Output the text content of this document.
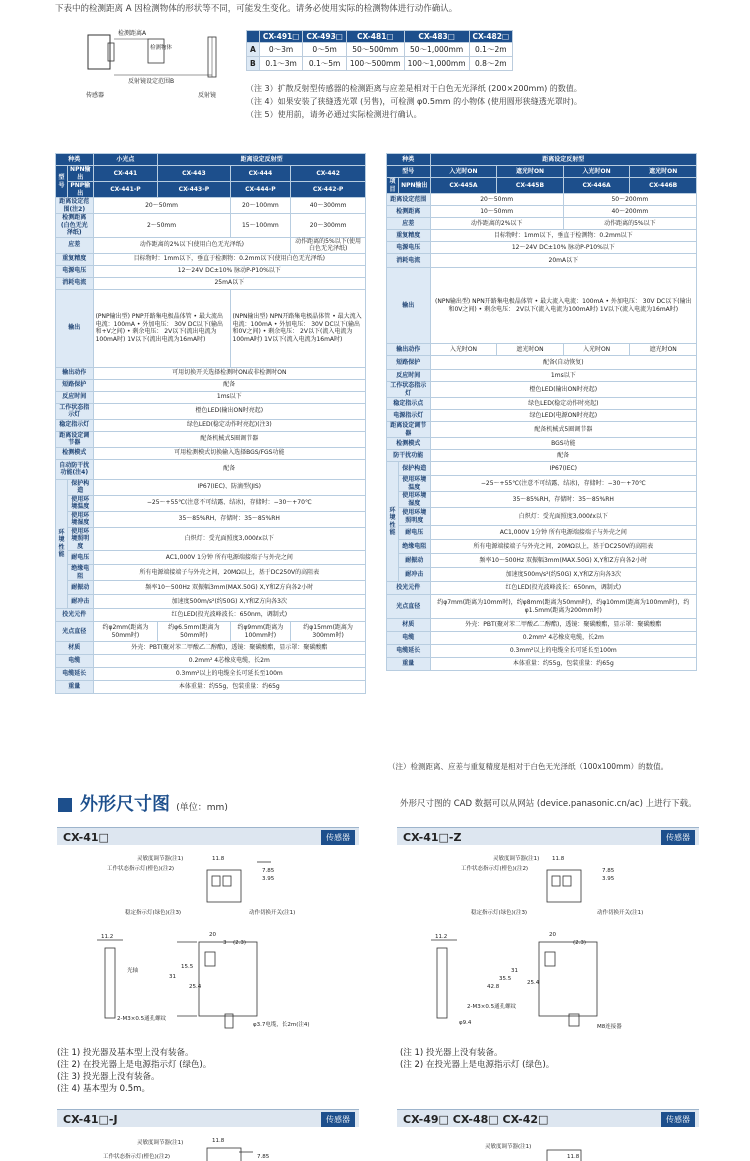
下表中的检测距离 A 因检测物体的形状等不同，可能发生变化。请务必使用实际的检测物体进行动作确认。
检测距离A
检测物体
反射镜设定范围B
传感器	反射镜
	CX-491□	CX-493□	CX-481□	CX-483□	CX-482□
A	0～3m	0～5m	50～500mm	50～1,000mm	0.1～2m
B	0.1～3m	0.1～5m	100～500mm	100～1,000mm	0.8～2m
（注 3）扩散反射型传感器的检测距离与应差是相对于白色无光泽纸 (200×200mm) 的数值。
（注 4）如果安装了狭缝透光罩 (另售)，可检测 φ0.5mm 的小物体 (使用圆形狭缝透光罩时)。
（注 5）使用前，请务必通过实际检测进行确认。
种类		小光点	距离设定反射型		
型号	NPN输出	CX-441	CX-443	CX-444	CX-442
	PNP输出	CX-441-P	CX-443-P	CX-444-P	CX-442-P
距离设定范围(注2)		20～50mm		20～100mm	40～300mm
检测距离(白色无光泽纸)		2～50mm		15～100mm	20～300mm
应差		动作距离的2%以下(使用白色无光泽纸)			动作距离的5%以下(使用白色无光泽纸)
重复精度		目标物时：1mm以下，垂直于检测物：0.2mm以下(使用白色无光泽纸)			
电源电压		12～24V DC±10% 脉动P-P10%以下			
消耗电流		25mA以下			
输出		(PNP输出型) PNP开路集电极晶体管 • 最大流出电流：100mA • 外加电压： 30V DC以下(输出和+V之间) • 剩余电压： 2V以下(流出电流为100mA时) 1V以下(流出电流为16mA时)		(NPN输出型) NPN开路集电极晶体管 • 最大流入电流：100mA • 外加电压： 30V DC以下(输出和0V之间) • 剩余电压： 2V以下(流入电流为100mA时) 1V以下(流入电流为16mA时)	
输出动作		可用切换开关选择检测时ON或非检测时ON			
短路保护		配备			
反应时间		1ms以下			
工作状态指示灯		橙色LED(输出ON时亮起)			
稳定指示灯		绿色LED(稳定动作时亮起)(注3)			
距离设定调节器		配备机械式5圈调节器			
检测模式		可用检测模式切换输入选择BGS/FGS功能			
自动防干扰功能(注4)		配备			
环境性能	保护构造	IP67(IEC)、防滴型(JIS)			
	使用环境温度	−25～+55℃(注意不可结露、结冰)，存储时：−30～+70℃			
	使用环境湿度	35～85%RH，存储时：35～85%RH			
	使用环境照明度	白炽灯：受光面照度3,000ℓx以下			
	耐电压	AC1,000V 1分钟 所有电源端接端子与外壳之间			
	绝缘电阻	所有电源端接端子与外壳之间，20MΩ以上，基于DC250V的高阻表			
	耐振动	频率10～500Hz 双振幅3mm(MAX.50G) X,Y和Z方向各2小时			
	耐冲击	加速度500m/s²(约50G) X,Y和Z方向各3次			
投光元件		红色LED(投光波峰波长：650nm，调制式)			
光点直径		约φ2mm(距离为50mm时)	约φ6.5mm(距离为50mm时)	约φ9mm(距离为100mm时)	约φ15mm(距离为300mm时)
材质		外壳：PBT(聚对苯二甲酸乙二醇酯)，透镜：聚碳酸酯，显示罩：聚碳酸酯			
电缆		0.2mm² 4芯橡皮电缆，长2m			
电缆延长		0.3mm²以上的电缆全长可延长至100m			
重量		本体重量：约55g，包装重量：约65g			
种类		距离设定反射型			
型号		入光时ON	遮光时ON	入光时ON	遮光时ON
项目	NPN输出	CX-445A	CX-445B	CX-446A	CX-446B
距离设定范围		20～50mm		50～200mm	
检测距离		10～50mm		40～200mm	
应差		动作距离的2%以下		动作距离的5%以下	
重复精度		目标物时：1mm以下，垂直于检测物：0.2mm以下			
电源电压		12～24V DC±10% 脉动P-P10%以下			
消耗电流		20mA以下			
输出		(NPN输出型) NPN开路集电极晶体管 • 最大流入电流：100mA • 外加电压： 30V DC以下(输出和0V之间) • 剩余电压： 2V以下(流入电流为100mA时) 1V以下(流入电流为16mA时)			
输出动作		入光时ON	遮光时ON	入光时ON	遮光时ON
短路保护		配备(自动恢复)			
反应时间		1ms以下			
工作状态指示灯		橙色LED(输出ON时亮起)			
稳定指示点		绿色LED(稳定动作时亮起)			
电源指示灯		绿色LED(电源ON时亮起)			
距离设定调节器		配备机械式5圈调节器			
检测模式		BGS功能			
防干扰功能		配备			
环境性能	保护构造	IP67(IEC)			
	使用环境温度	−25～+55℃(注意不可结露、结冰)，存储时：−30～+70℃			
	使用环境湿度	35～85%RH，存储时：35～85%RH			
	使用环境照明度	白炽灯：受光面照度3,000ℓx以下			
	耐电压	AC1,000V 1分钟 所有电源端接端子与外壳之间			
	绝缘电阻	所有电源端接端子与外壳之间，20MΩ以上，基于DC250V的高阻表			
	耐振动	频率10～500Hz 双振幅3mm(MAX.50G) X,Y和Z方向各2小时			
	耐冲击	加速度500m/s²(约50G) X,Y和Z方向各3次			
投光元件		红色LED(投光波峰波长：650nm，调制式)			
光点直径		约φ7mm(距离为10mm时)，约φ8mm(距离为50mm时)，约φ10mm(距离为100mm时)，约φ1.5mm(距离为200mm时)			
材质		外壳：PBT(聚对苯二甲酸乙二醇酯)，透镜：聚碳酸酯，显示罩：聚碳酸酯			
电缆		0.2mm² 4芯橡皮电缆，长2m			
电缆延长		0.3mm²以上的电缆全长可延长至100m			
重量		本体重量：约55g，包装重量：约65g			
（注）检测距离、应差与重复精度是相对于白色无光泽纸（100x100mm）的数值。
外形尺寸图 (单位：mm)	外形尺寸图的 CAD 数据可以从网站 (device.panasonic.cn/ac) 上进行下载。
CX-41□	传感器
灵敏度调节器(注1)
工作状态指示灯(橙色)(注2)
稳定指示灯(绿色)(注3)	动作切换开关(注1)
光轴
2-M3×0.5通孔螺纹
φ3.7电缆，长2m(注4)
11.8
7.85
3.95
20
3
11.2
(2.3)
31
15.5
25.4
(注 1) 投光器及基本型上没有装备。
(注 2) 在投光器上是电源指示灯 (绿色)。
(注 3) 投光器上没有装备。
(注 4) 基本型为 0.5m。
CX-41□-Z	传感器
灵敏度调节器(注1)
工作状态指示灯(橙色)(注2)
稳定指示灯(绿色)(注3)	动作切换开关(注1)
2-M3×0.5通孔螺纹
M8连接器
11.8
7.85
3.95
20
11.2
(2.3)
42.8
35.5
31
25.4
φ9.4
(注 1) 投光器上没有装备。
(注 2) 在投光器上是电源指示灯 (绿色)。
CX-41□-J	传感器
灵敏度调节器(注1)
工作状态指示灯(橙色)(注2)
11.8
7.85
CX-49□ CX-48□ CX-42□	传感器
灵敏度调节器(注1)
11.8
